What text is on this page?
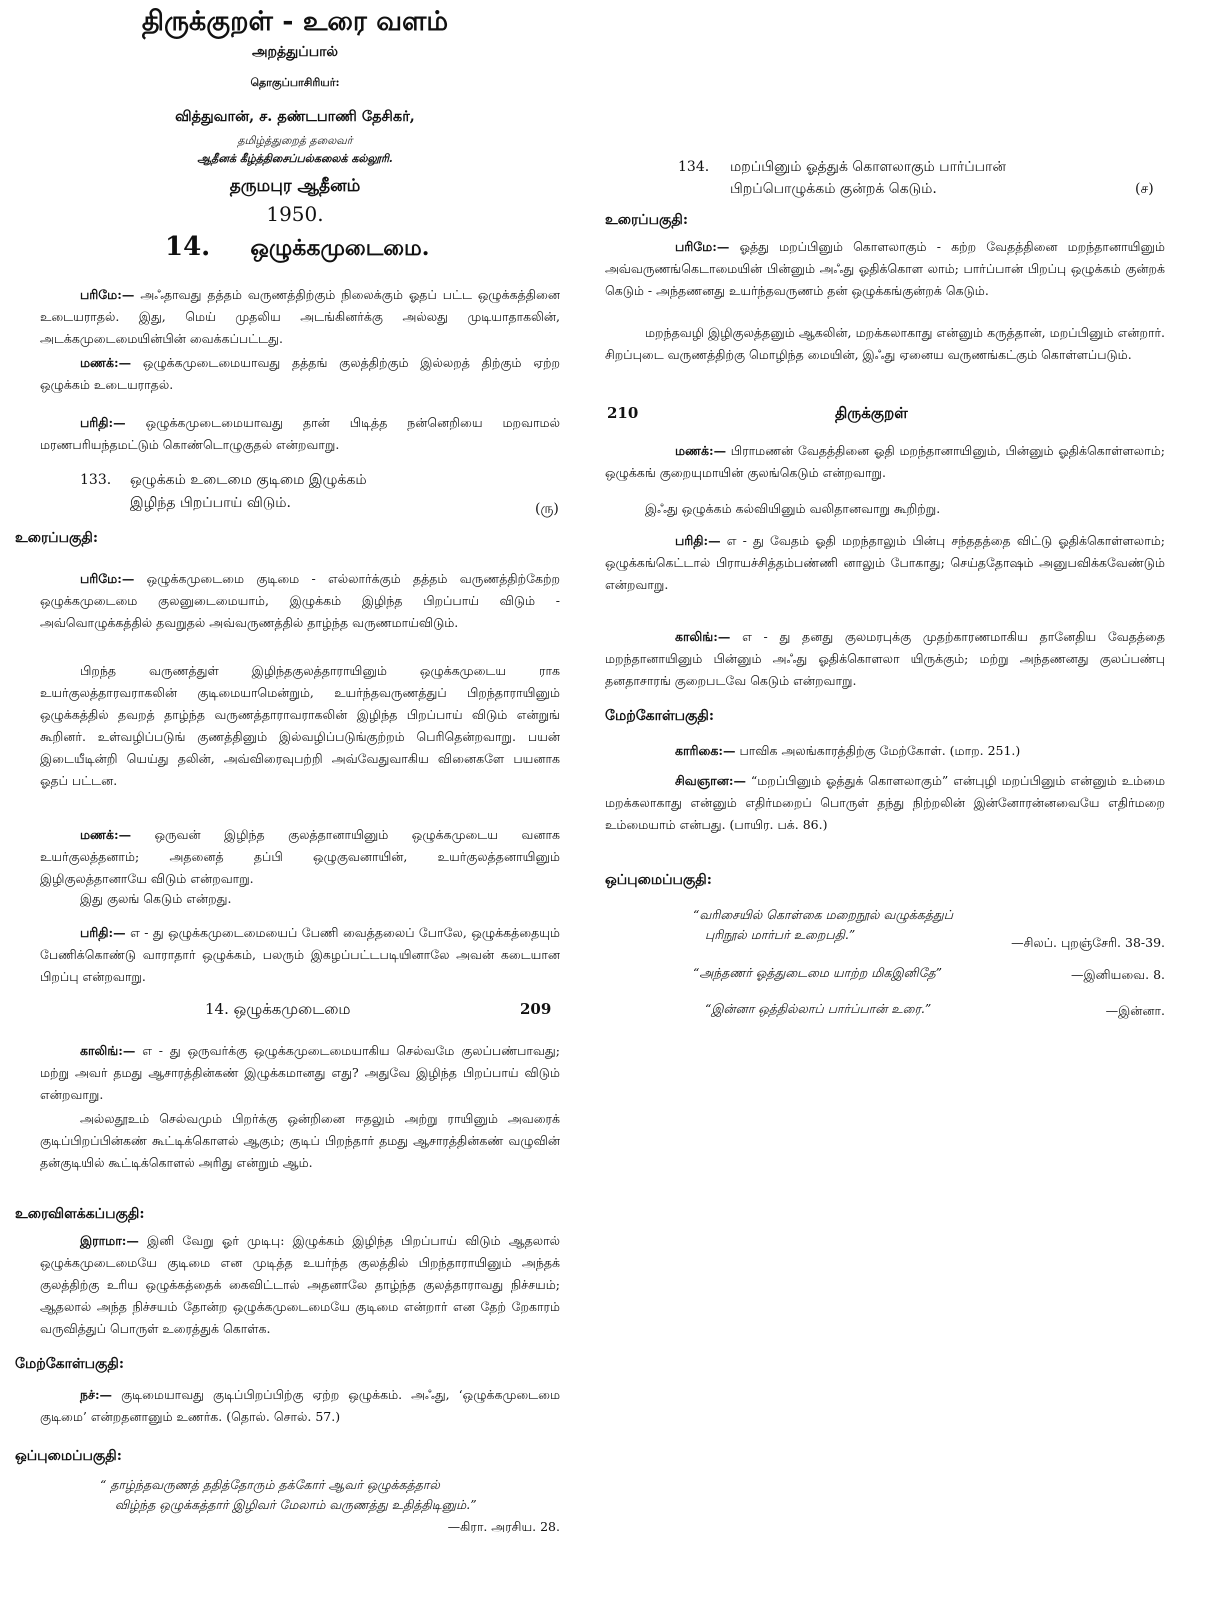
திருக்குறள் - உரை வளம்
அறத்துப்பால்
தொகுப்பாசிரியர்:
வித்துவான், ச. தண்டபாணி தேசிகர்,
தமிழ்த்துறைத் தலைவர்
ஆதீனக் கீழ்த்திசைப்பல்கலைக் கல்லூரி.
தருமபுர ஆதீனம்
1950.
14. ஒழுக்கமுடைமை.
பரிமே:— அஃதாவது தத்தம் வருணத்திற்கும் நிலைக்கும் ஓதப் பட்ட ஒழுக்கத்தினை உடையராதல். இது, மெய் முதலிய அடங்கினர்க்கு அல்லது முடியாதாகலின், அடக்கமுடைமையின்பின் வைக்கப்பட்டது.
மணக்:— ஒழுக்கமுடைமையாவது தத்தங் குலத்திற்கும் இல்லறத் திற்கும் ஏற்ற ஒழுக்கம் உடையராதல்.
பரிதி:— ஒழுக்கமுடைமையாவது தான் பிடித்த நன்னெறியை மறவாமல் மரணபரியந்தமட்டும் கொண்டொழுகுதல் என்றவாறு.
133. ஒழுக்கம் உடைமை குடிமை இழுக்கம்
இழிந்த பிறப்பாய் விடும்.	(ரு)
உரைப்பகுதி:
பரிமே:— ஒழுக்கமுடைமை குடிமை - எல்லார்க்கும் தத்தம் வருணத்திற்கேற்ற ஒழுக்கமுடைமை குலனுடைமையாம், இழுக்கம் இழிந்த பிறப்பாய் விடும் - அவ்வொழுக்கத்தில் தவறுதல் அவ்வருணத்தில் தாழ்ந்த வருணமாய்விடும்.
பிறந்த வருணத்துள் இழிந்தகுலத்தாராயினும் ஒழுக்கமுடைய ராக உயர்குலத்தாரவராகலின் குடிமையாமென்றும், உயர்ந்தவருணத்துப் பிறந்தாராயினும் ஒழுக்கத்தில் தவறத் தாழ்ந்த வருணத்தாராவராகலின் இழிந்த பிறப்பாய் விடும் என்றுங் கூறினர். உள்வழிப்படுங் குணத்தினும் இல்வழிப்படுங்குற்றம் பெரிதென்றவாறு. பயன் இடையீடின்றி யெய்து தலின், அவ்விரைவுபற்றி அவ்வேதுவாகிய வினைகளே பயனாக ஓதப் பட்டன.
மணக்:— ஒருவன் இழிந்த குலத்தானாயினும் ஒழுக்கமுடைய வனாக உயர்குலத்தனாம்; அதனைத் தப்பி ஒழுகுவனாயின், உயர்குலத்தனாயினும் இழிகுலத்தானாயே விடும் என்றவாறு.
இது குலங் கெடும் என்றது.
பரிதி:— எ - து ஒழுக்கமுடைமையைப் பேணி வைத்தலைப் போலே, ஒழுக்கத்தையும் பேணிக்கொண்டு வாராதார் ஒழுக்கம், பலரும் இகழப்பட்டபடியினாலே அவன் கடையான பிறப்பு என்றவாறு.
14. ஒழுக்கமுடைமை	209
காலிங்:— எ - து ஒருவர்க்கு ஒழுக்கமுடைமையாகிய செல்வமே குலப்பண்பாவது; மற்று அவர் தமது ஆசாரத்தின்கண் இழுக்கமானது எது? அதுவே இழிந்த பிறப்பாய் விடும் என்றவாறு.
அல்லதூஉம் செல்வமும் பிறர்க்கு ஒன்றினை ஈதலும் அற்று ராயினும் அவரைக் குடிப்பிறப்பின்கண் கூட்டிக்கொளல் ஆகும்; குடிப் பிறந்தார் தமது ஆசாரத்தின்கண் வழுவின் தன்குடியில் கூட்டிக்கொளல் அரிது என்றும் ஆம்.
உரைவிளக்கப்பகுதி:
இராமா:— இனி வேறு ஓர் முடிபு: இழுக்கம் இழிந்த பிறப்பாய் விடும் ஆதலால் ஒழுக்கமுடைமையே குடிமை என முடித்த உயர்ந்த குலத்தில் பிறந்தாராயினும் அந்தக் குலத்திற்கு உரிய ஒழுக்கத்தைக் கைவிட்டால் அதனாலே தாழ்ந்த குலத்தாராவது நிச்சயம்; ஆதலால் அந்த நிச்சயம் தோன்ற ஒழுக்கமுடைமையே குடிமை என்றார் என தேற் றேகாரம் வருவித்துப் பொருள் உரைத்துக் கொள்க.
மேற்கோள்பகுதி:
நச்:— குடிமையாவது குடிப்பிறப்பிற்கு ஏற்ற ஒழுக்கம். அஃது, ‘ஒழுக்கமுடைமை குடிமை’ என்றதனானும் உணர்க. (தொல். சொல். 57.)
ஒப்புமைப்பகுதி:
“ தாழ்ந்தவருணத் ததித்தோரும் தக்கோர் ஆவர் ஒழுக்கத்தால்
விழ்ந்த ஒழுக்கத்தார் இழிவர் மேலாம் வருணத்து உதித்திடினும்.”
—கிரா. அரசிய. 28.
134. மறப்பினும் ஓத்துக் கொளலாகும் பார்ப்பான்
பிறப்பொழுக்கம் குன்றக் கெடும்.	(ச)
உரைப்பகுதி:
பரிமே:— ஓத்து மறப்பினும் கொளலாகும் - கற்ற வேதத்தினை மறந்தானாயினும் அவ்வருணங்கெடாமையின் பின்னும் அஃது ஓதிக்கொள லாம்; பார்ப்பான் பிறப்பு ஒழுக்கம் குன்றக் கெடும் - அந்தணனது உயர்ந்தவருணம் தன் ஒழுக்கங்குன்றக் கெடும்.
மறந்தவழி இழிகுலத்தனும் ஆகலின், மறக்கலாகாது என்னும் கருத்தான், மறப்பினும் என்றார். சிறப்புடை வருணத்திற்கு மொழிந்த மையின், இஃது ஏனைய வருணங்கட்கும் கொள்ளப்படும்.
210	திருக்குறள்
மணக்:— பிராமணன் வேதத்தினை ஓதி மறந்தானாயினும், பின்னும் ஓதிக்கொள்ளலாம்; ஒழுக்கங் குறையுமாயின் குலங்கெடும் என்றவாறு.
இஃது ஒழுக்கம் கல்வியினும் வலிதானவாறு கூறிற்று.
பரிதி:— எ - து வேதம் ஓதி மறந்தாலும் பின்பு சந்ததத்தை விட்டு ஓதிக்கொள்ளலாம்; ஒழுக்கங்கெட்டால் பிராயச்சித்தம்பண்ணி னாலும் போகாது; செய்ததோஷம் அனுபவிக்கவேண்டும் என்றவாறு.
காலிங்:— எ - து தனது குலமரபுக்கு முதற்காரணமாகிய தானேதிய வேதத்தை மறந்தானாயினும் பின்னும் அஃது ஓதிக்கொளலா யிருக்கும்; மற்று அந்தணனது குலப்பண்பு தனதாசாரங் குறைபடவே கெடும் என்றவாறு.
மேற்கோள்பகுதி:
காரிகை:— பாவிக அலங்காரத்திற்கு மேற்கோள். (மாற. 251.)
சிவஞான:— “மறப்பினும் ஓத்துக் கொளலாகும்” என்புழி மறப்பினும் என்னும் உம்மை மறக்கலாகாது என்னும் எதிர்மறைப் பொருள் தந்து நிற்றலின் இன்னோரன்னவையே எதிர்மறை உம்மையாம் என்பது. (பாயிர. பக். 86.)
ஒப்புமைப்பகுதி:
“வரிசையில் கொள்கை மறைநூல் வழுக்கத்துப்
புரிநூல் மார்பர் உறைபதி.”
—சிலப். புறஞ்சேரி. 38-39.
“அந்தணர் ஓத்துடைமை யாற்ற மிகஇனிதே”	—இனியவை. 8.
“இன்னா ஒத்தில்லாப் பார்ப்பான் உரை.”	—இன்னா.
